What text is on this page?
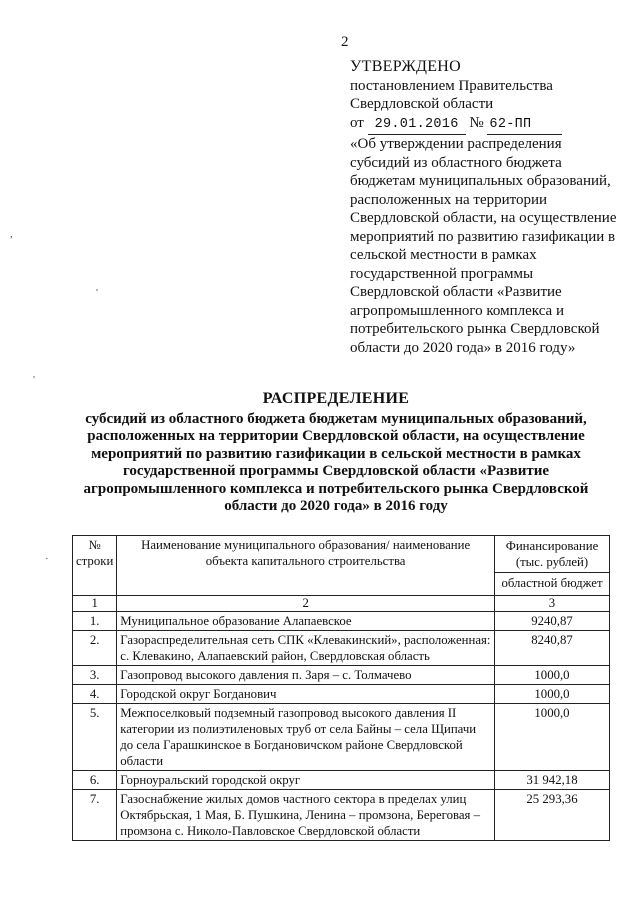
2
УТВЕРЖДЕНО
постановлением Правительства
Свердловской области
от 29.01.2016 № 62-ПП
«Об утверждении распределения субсидий из областного бюджета бюджетам муниципальных образований, расположенных на территории Свердловской области, на осуществление мероприятий по развитию газификации в сельской местности в рамках государственной программы Свердловской области «Развитие агропромышленного комплекса и потребительского рынка Свердловской области до 2020 года» в 2016 году»
,
'
'
·
РАСПРЕДЕЛЕНИЕ
субсидий из областного бюджета бюджетам муниципальных образований, расположенных на территории Свердловской области, на осуществление мероприятий по развитию газификации в сельской местности в рамках государственной программы Свердловской области «Развитие агропромышленного комплекса и потребительского рынка Свердловской области до 2020 года» в 2016 году
№ строки	Наименование муниципального образования/ наименование объекта капитального строительства	Финансирование (тыс. рублей)
областной бюджет

1	2	3
1.	Муниципальное образование Алапаевское	9240,87
2.	Газораспределительная сеть СПК «Клевакинский», расположенная: с. Клевакино, Алапаевский район, Свердловская область	8240,87
3.	Газопровод высокого давления п. Заря – с. Толмачево	1000,0
4.	Городской округ Богданович	1000,0
5.	Межпоселковый подземный газопровод высокого давления II категории из полиэтиленовых труб от села Байны – села Щипачи до села Гарашкинское в Богдановичском районе Свердловской области	1000,0
6.	Горноуральский городской округ	31 942,18
7.	Газоснабжение жилых домов частного сектора в пределах улиц Октябрьская, 1 Мая, Б. Пушкина, Ленина – промзона, Береговая – промзона с. Николо-Павловское Свердловской области	25 293,36
